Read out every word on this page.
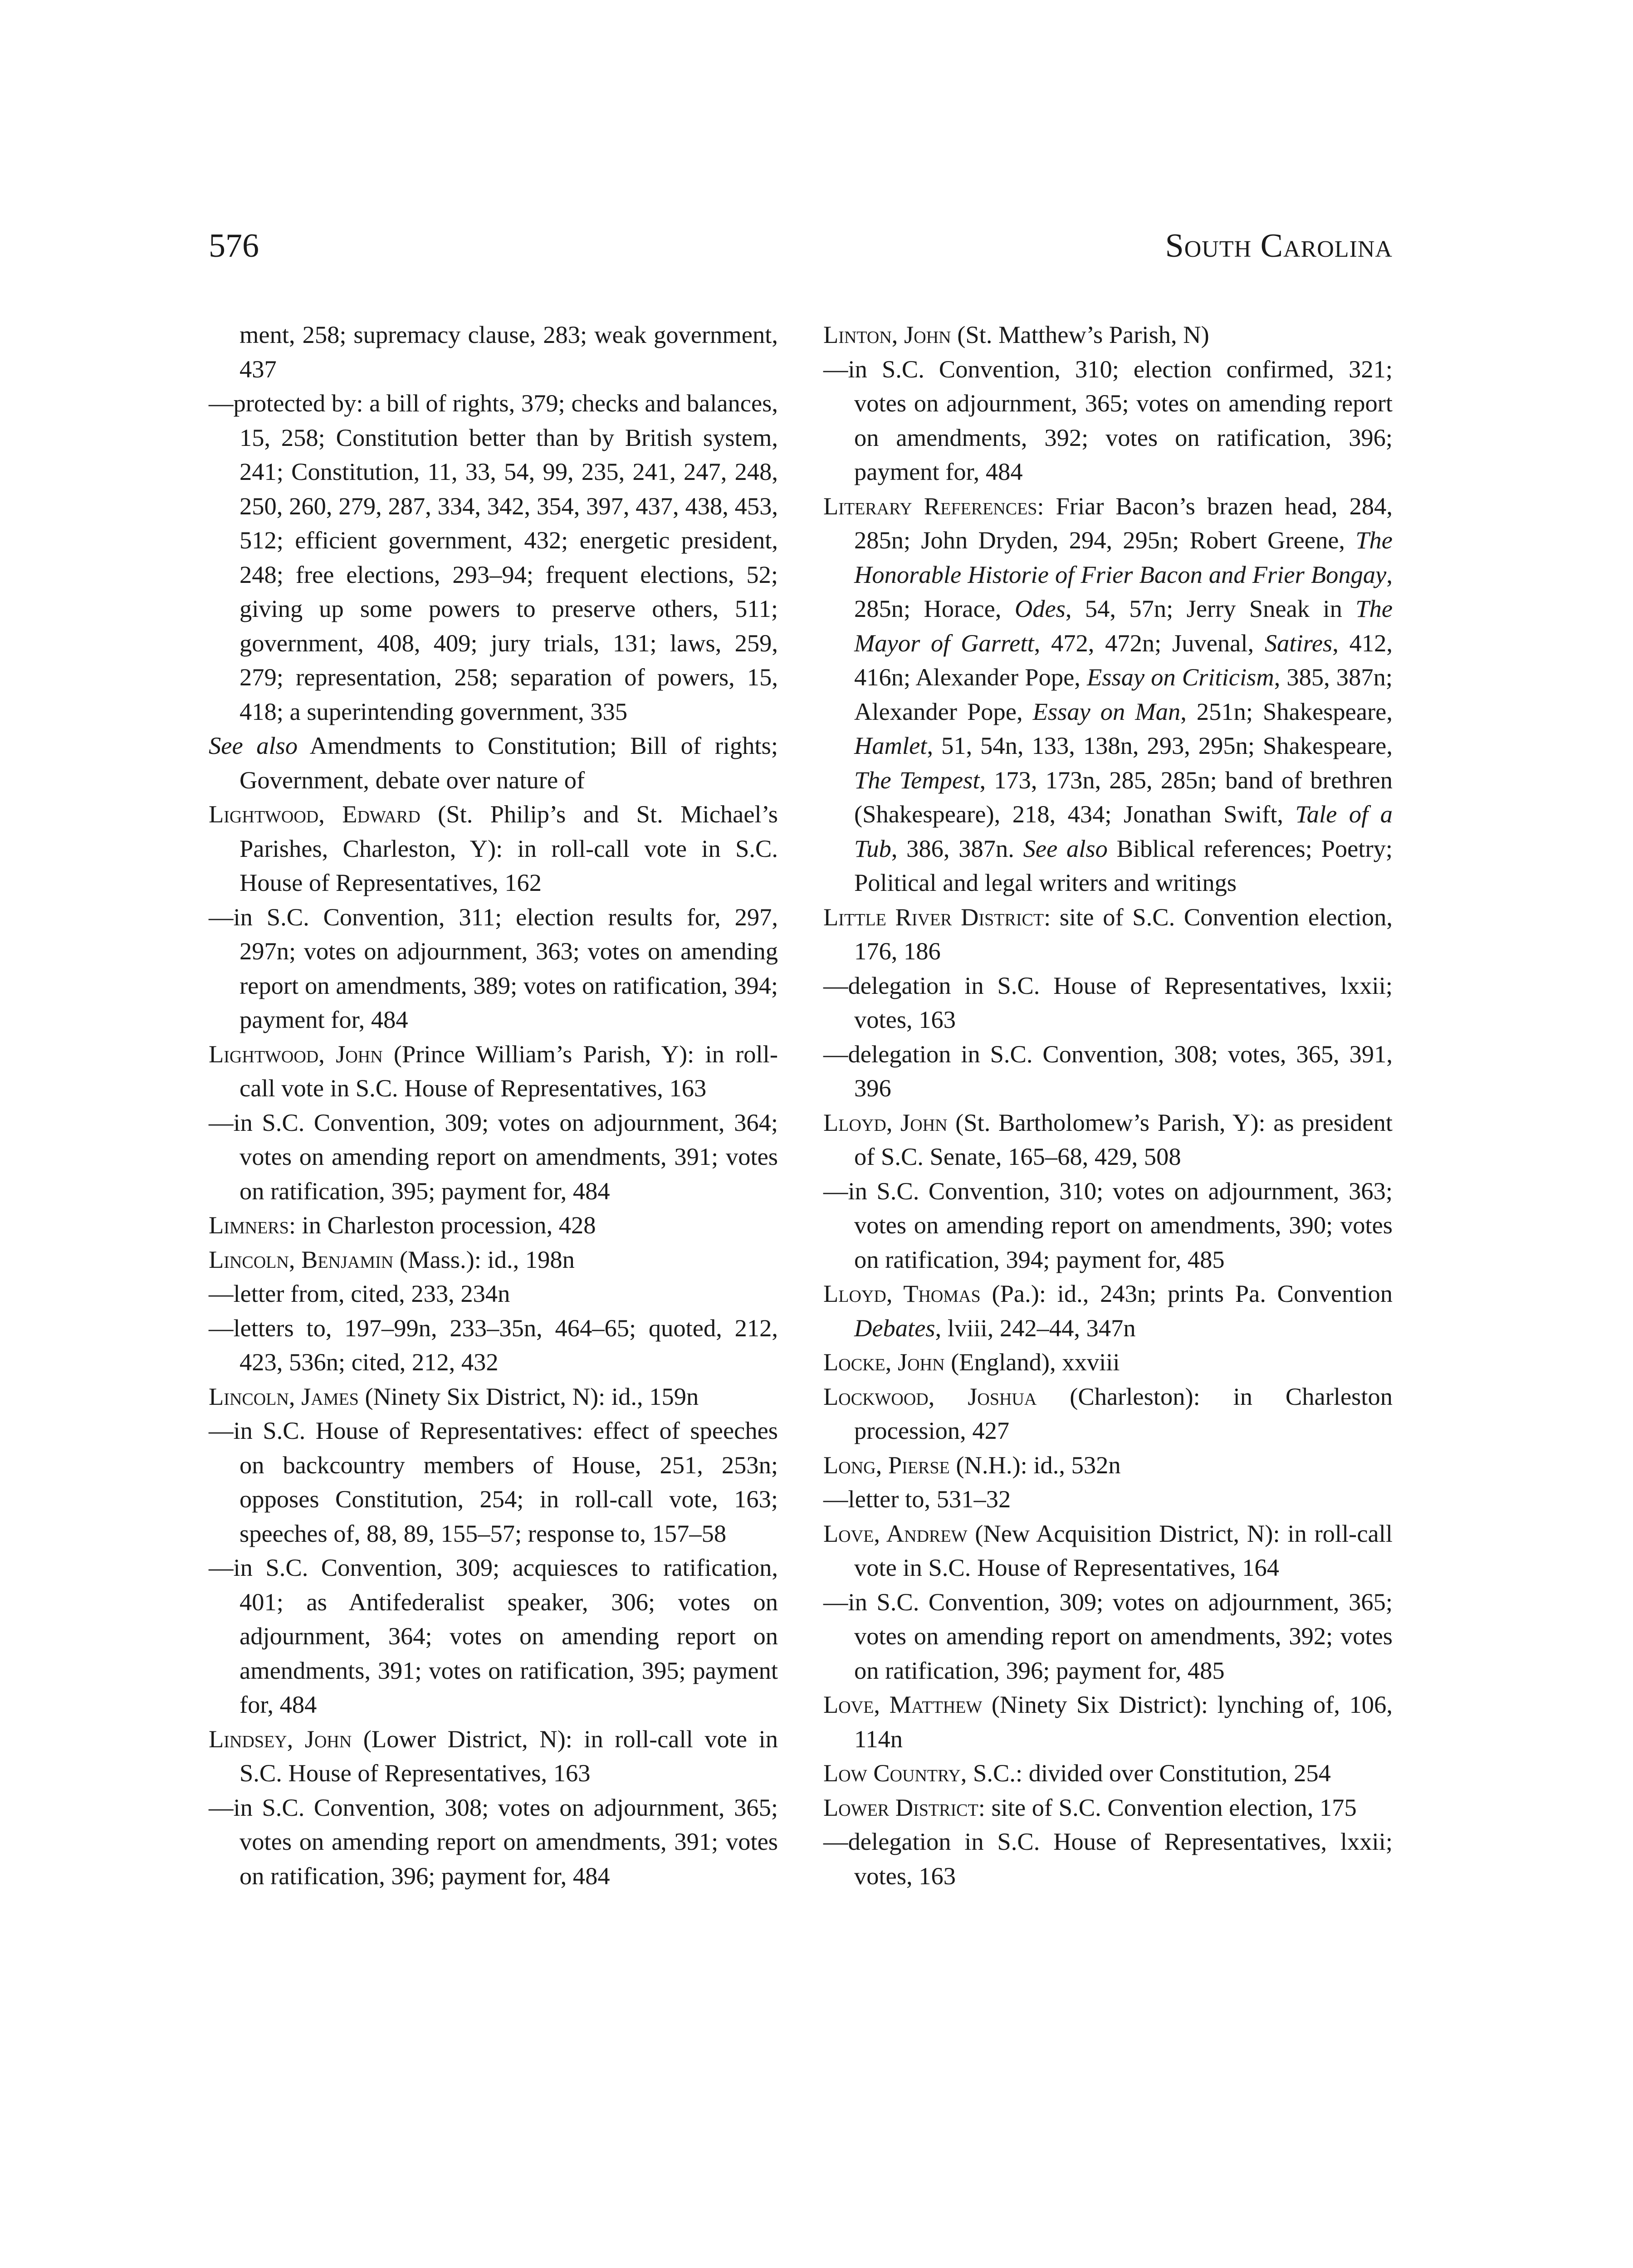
576	South Carolina

ment, 258; supremacy clause, 283; weak government, 437

—protected by: a bill of rights, 379; checks and balances, 15, 258; Constitution better than by British system, 241; Constitution, 11, 33, 54, 99, 235, 241, 247, 248, 250, 260, 279, 287, 334, 342, 354, 397, 437, 438, 453, 512; efficient government, 432; energetic president, 248; free elections, 293–94; frequent elections, 52; giving up some powers to preserve others, 511; government, 408, 409; jury trials, 131; laws, 259, 279; representation, 258; separation of powers, 15, 418; a superintending government, 335

See also Amendments to Constitution; Bill of rights; Government, debate over nature of

Lightwood, Edward (St. Philip’s and St. Michael’s Parishes, Charleston, Y): in roll-call vote in S.C. House of Representatives, 162

—in S.C. Convention, 311; election results for, 297, 297n; votes on adjournment, 363; votes on amending report on amendments, 389; votes on ratification, 394; payment for, 484

Lightwood, John (Prince William’s Parish, Y): in roll-call vote in S.C. House of Representatives, 163

—in S.C. Convention, 309; votes on adjournment, 364; votes on amending report on amendments, 391; votes on ratification, 395; payment for, 484

Limners: in Charleston procession, 428

Lincoln, Benjamin (Mass.): id., 198n

—letter from, cited, 233, 234n

—letters to, 197–99n, 233–35n, 464–65; quoted, 212, 423, 536n; cited, 212, 432

Lincoln, James (Ninety Six District, N): id., 159n

—in S.C. House of Representatives: effect of speeches on backcountry members of House, 251, 253n; opposes Constitution, 254; in roll-call vote, 163; speeches of, 88, 89, 155–57; response to, 157–58

—in S.C. Convention, 309; acquiesces to ratification, 401; as Antifederalist speaker, 306; votes on adjournment, 364; votes on amending report on amendments, 391; votes on ratification, 395; payment for, 484

Lindsey, John (Lower District, N): in roll-call vote in S.C. House of Representatives, 163

—in S.C. Convention, 308; votes on adjournment, 365; votes on amending report on amendments, 391; votes on ratification, 396; payment for, 484

Linton, John (St. Matthew’s Parish, N)

—in S.C. Convention, 310; election confirmed, 321; votes on adjournment, 365; votes on amending report on amendments, 392; votes on ratification, 396; payment for, 484

Literary References: Friar Bacon’s brazen head, 284, 285n; John Dryden, 294, 295n; Robert Greene, The Honorable Historie of Frier Bacon and Frier Bongay, 285n; Horace, Odes, 54, 57n; Jerry Sneak in The Mayor of Garrett, 472, 472n; Juvenal, Satires, 412, 416n; Alexander Pope, Essay on Criticism, 385, 387n; Alexander Pope, Essay on Man, 251n; Shakespeare, Hamlet, 51, 54n, 133, 138n, 293, 295n; Shakespeare, The Tempest, 173, 173n, 285, 285n; band of brethren (Shakespeare), 218, 434; Jonathan Swift, Tale of a Tub, 386, 387n. See also Biblical references; Poetry; Political and legal writers and writings

Little River District: site of S.C. Convention election, 176, 186

—delegation in S.C. House of Representatives, lxxii; votes, 163

—delegation in S.C. Convention, 308; votes, 365, 391, 396

Lloyd, John (St. Bartholomew’s Parish, Y): as president of S.C. Senate, 165–68, 429, 508

—in S.C. Convention, 310; votes on adjournment, 363; votes on amending report on amendments, 390; votes on ratification, 394; payment for, 485

Lloyd, Thomas (Pa.): id., 243n; prints Pa. Convention Debates, lviii, 242–44, 347n

Locke, John (England), xxviii

Lockwood, Joshua (Charleston): in Charleston procession, 427

Long, Pierse (N.H.): id., 532n

—letter to, 531–32

Love, Andrew (New Acquisition District, N): in roll-call vote in S.C. House of Representatives, 164

—in S.C. Convention, 309; votes on adjournment, 365; votes on amending report on amendments, 392; votes on ratification, 396; payment for, 485

Love, Matthew (Ninety Six District): lynching of, 106, 114n

Low Country, S.C.: divided over Constitution, 254

Lower District: site of S.C. Convention election, 175

—delegation in S.C. House of Representatives, lxxii; votes, 163
